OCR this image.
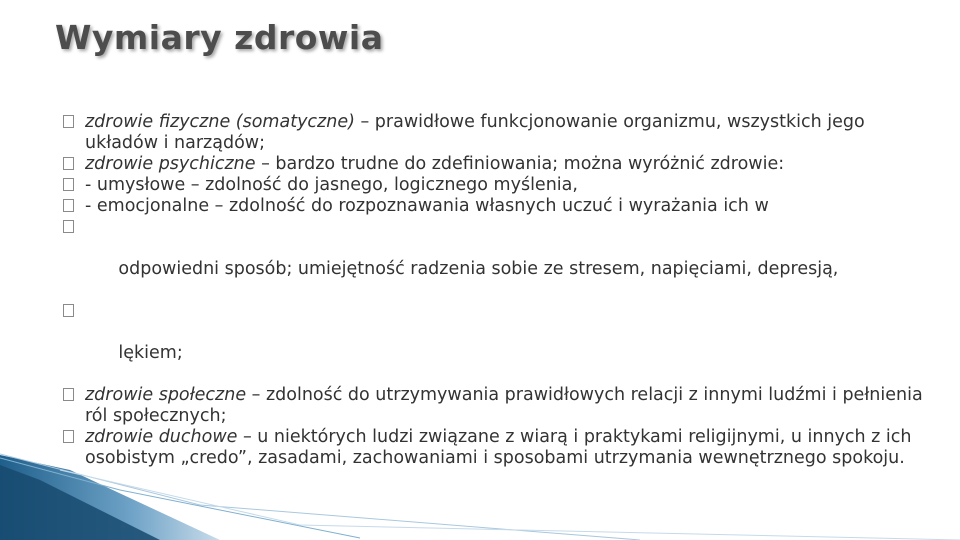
Wymiary zdrowia
zdrowie fizyczne (somatyczne) – prawidłowe funkcjonowanie organizmu, wszystkich jego układów i narządów;
zdrowie psychiczne – bardzo trudne do zdefiniowania; można wyróżnić zdrowie:
- umysłowe – zdolność do jasnego, logicznego myślenia,
- emocjonalne – zdolność do rozpoznawania własnych uczuć i wyrażania ich w

odpowiedni sposób; umiejętność radzenia sobie ze stresem, napięciami, depresją,

lękiem;

zdrowie społeczne – zdolność do utrzymywania prawidłowych relacji z innymi ludźmi i pełnienia ról społecznych;
zdrowie duchowe – u niektórych ludzi związane z wiarą i praktykami religijnymi, u innych z ich osobistym „credo”, zasadami, zachowaniami i sposobami utrzymania wewnętrznego spokoju.
